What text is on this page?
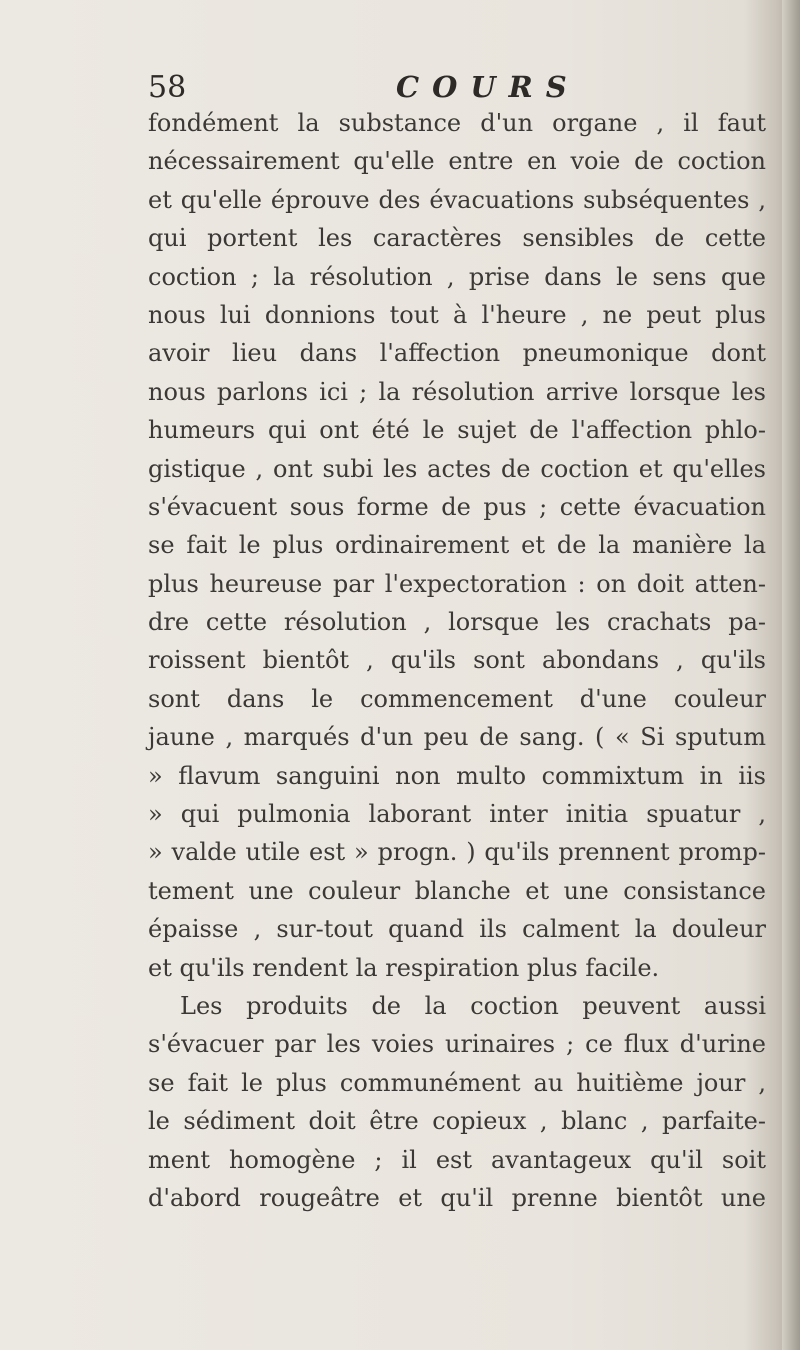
58	COURS
fondément la substance d'un organe , il faut
nécessairement qu'elle entre en voie de coction
et qu'elle éprouve des évacuations subséquentes ,
qui portent les caractères sensibles de cette
coction ; la résolution , prise dans le sens que
nous lui donnions tout à l'heure , ne peut plus
avoir lieu dans l'affection pneumonique dont
nous parlons ici ; la résolution arrive lorsque les
humeurs qui ont été le sujet de l'affection phlo-
gistique , ont subi les actes de coction et qu'elles
s'évacuent sous forme de pus ; cette évacuation
se fait le plus ordinairement et de la manière la
plus heureuse par l'expectoration : on doit atten-
dre cette résolution , lorsque les crachats pa-
roissent bientôt , qu'ils sont abondans , qu'ils
sont dans le commencement d'une couleur
jaune , marqués d'un peu de sang. ( « Si sputum
» flavum sanguini non multo commixtum in iis
» qui pulmonia laborant inter initia spuatur ,
» valde utile est » progn. ) qu'ils prennent promp-
tement une couleur blanche et une consistance
épaisse , sur-tout quand ils calment la douleur
et qu'ils rendent la respiration plus facile.
Les produits de la coction peuvent aussi
s'évacuer par les voies urinaires ; ce flux d'urine
se fait le plus communément au huitième jour ,
le sédiment doit être copieux , blanc , parfaite-
ment homogène ; il est avantageux qu'il soit
d'abord rougeâtre et qu'il prenne bientôt une
